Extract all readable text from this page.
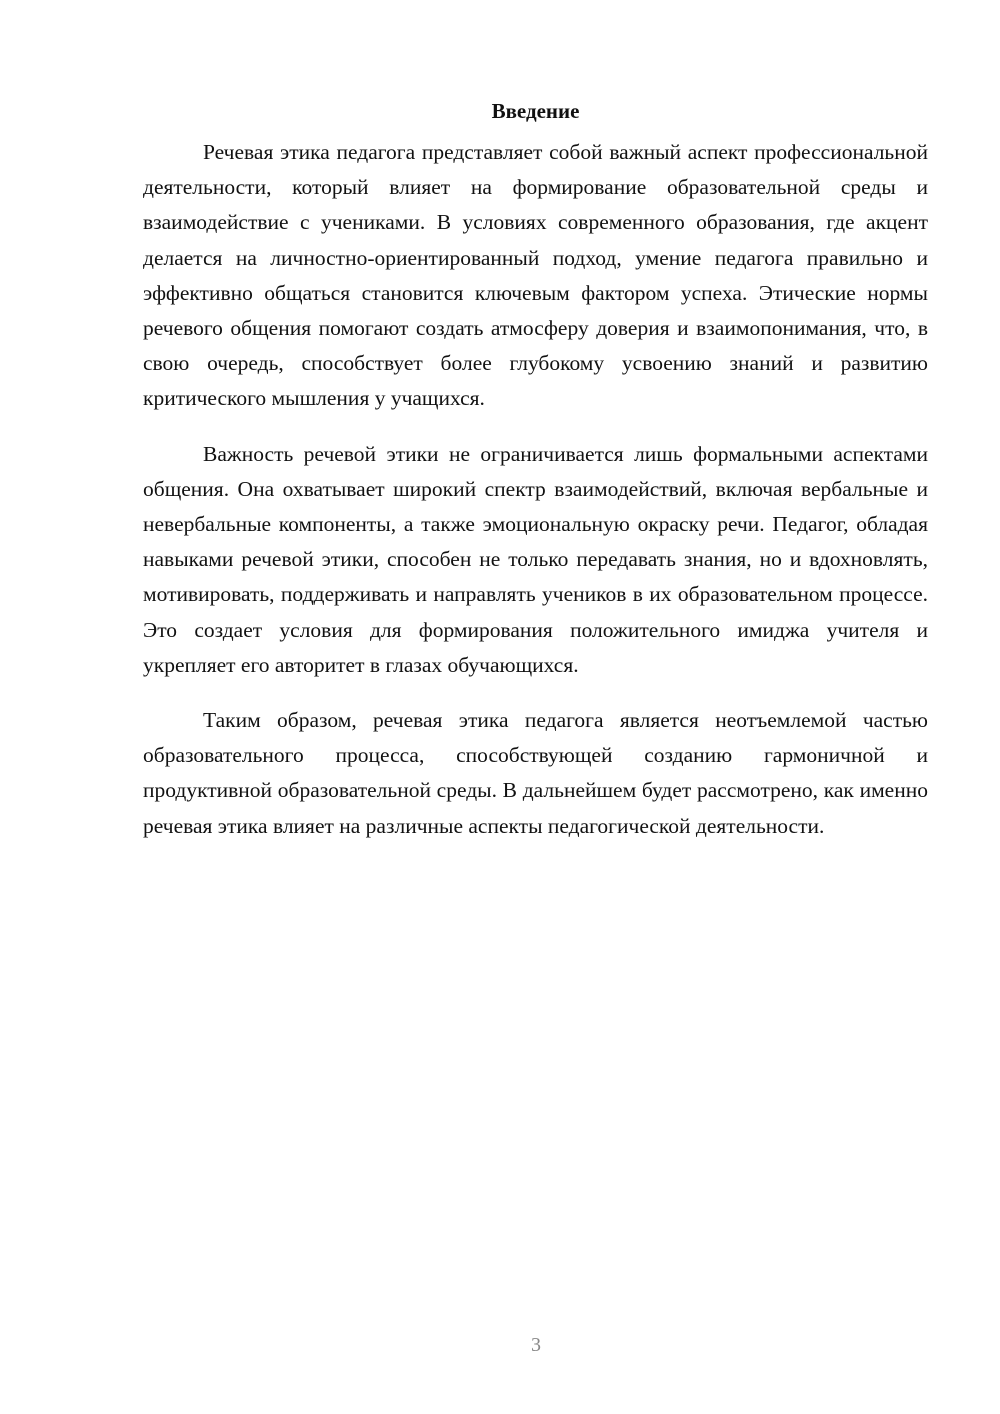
Введение

Речевая этика педагога представляет собой важный аспект профессиональной деятельности, который влияет на формирование образовательной среды и взаимодействие с учениками. В условиях современного образования, где акцент делается на личностно-ориентированный подход, умение педагога правильно и эффективно общаться становится ключевым фактором успеха. Этические нормы речевого общения помогают создать атмосферу доверия и взаимопонимания, что, в свою очередь, способствует более глубокому усвоению знаний и развитию критического мышления у учащихся.

Важность речевой этики не ограничивается лишь формальными аспектами общения. Она охватывает широкий спектр взаимодействий, включая вербальные и невербальные компоненты, а также эмоциональную окраску речи. Педагог, обладая навыками речевой этики, способен не только передавать знания, но и вдохновлять, мотивировать, поддерживать и направлять учеников в их образовательном процессе. Это создает условия для формирования положительного имиджа учителя и укрепляет его авторитет в глазах обучающихся.

Таким образом, речевая этика педагога является неотъемлемой частью образовательного процесса, способствующей созданию гармоничной и продуктивной образовательной среды. В дальнейшем будет рассмотрено, как именно речевая этика влияет на различные аспекты педагогической деятельности.

3
